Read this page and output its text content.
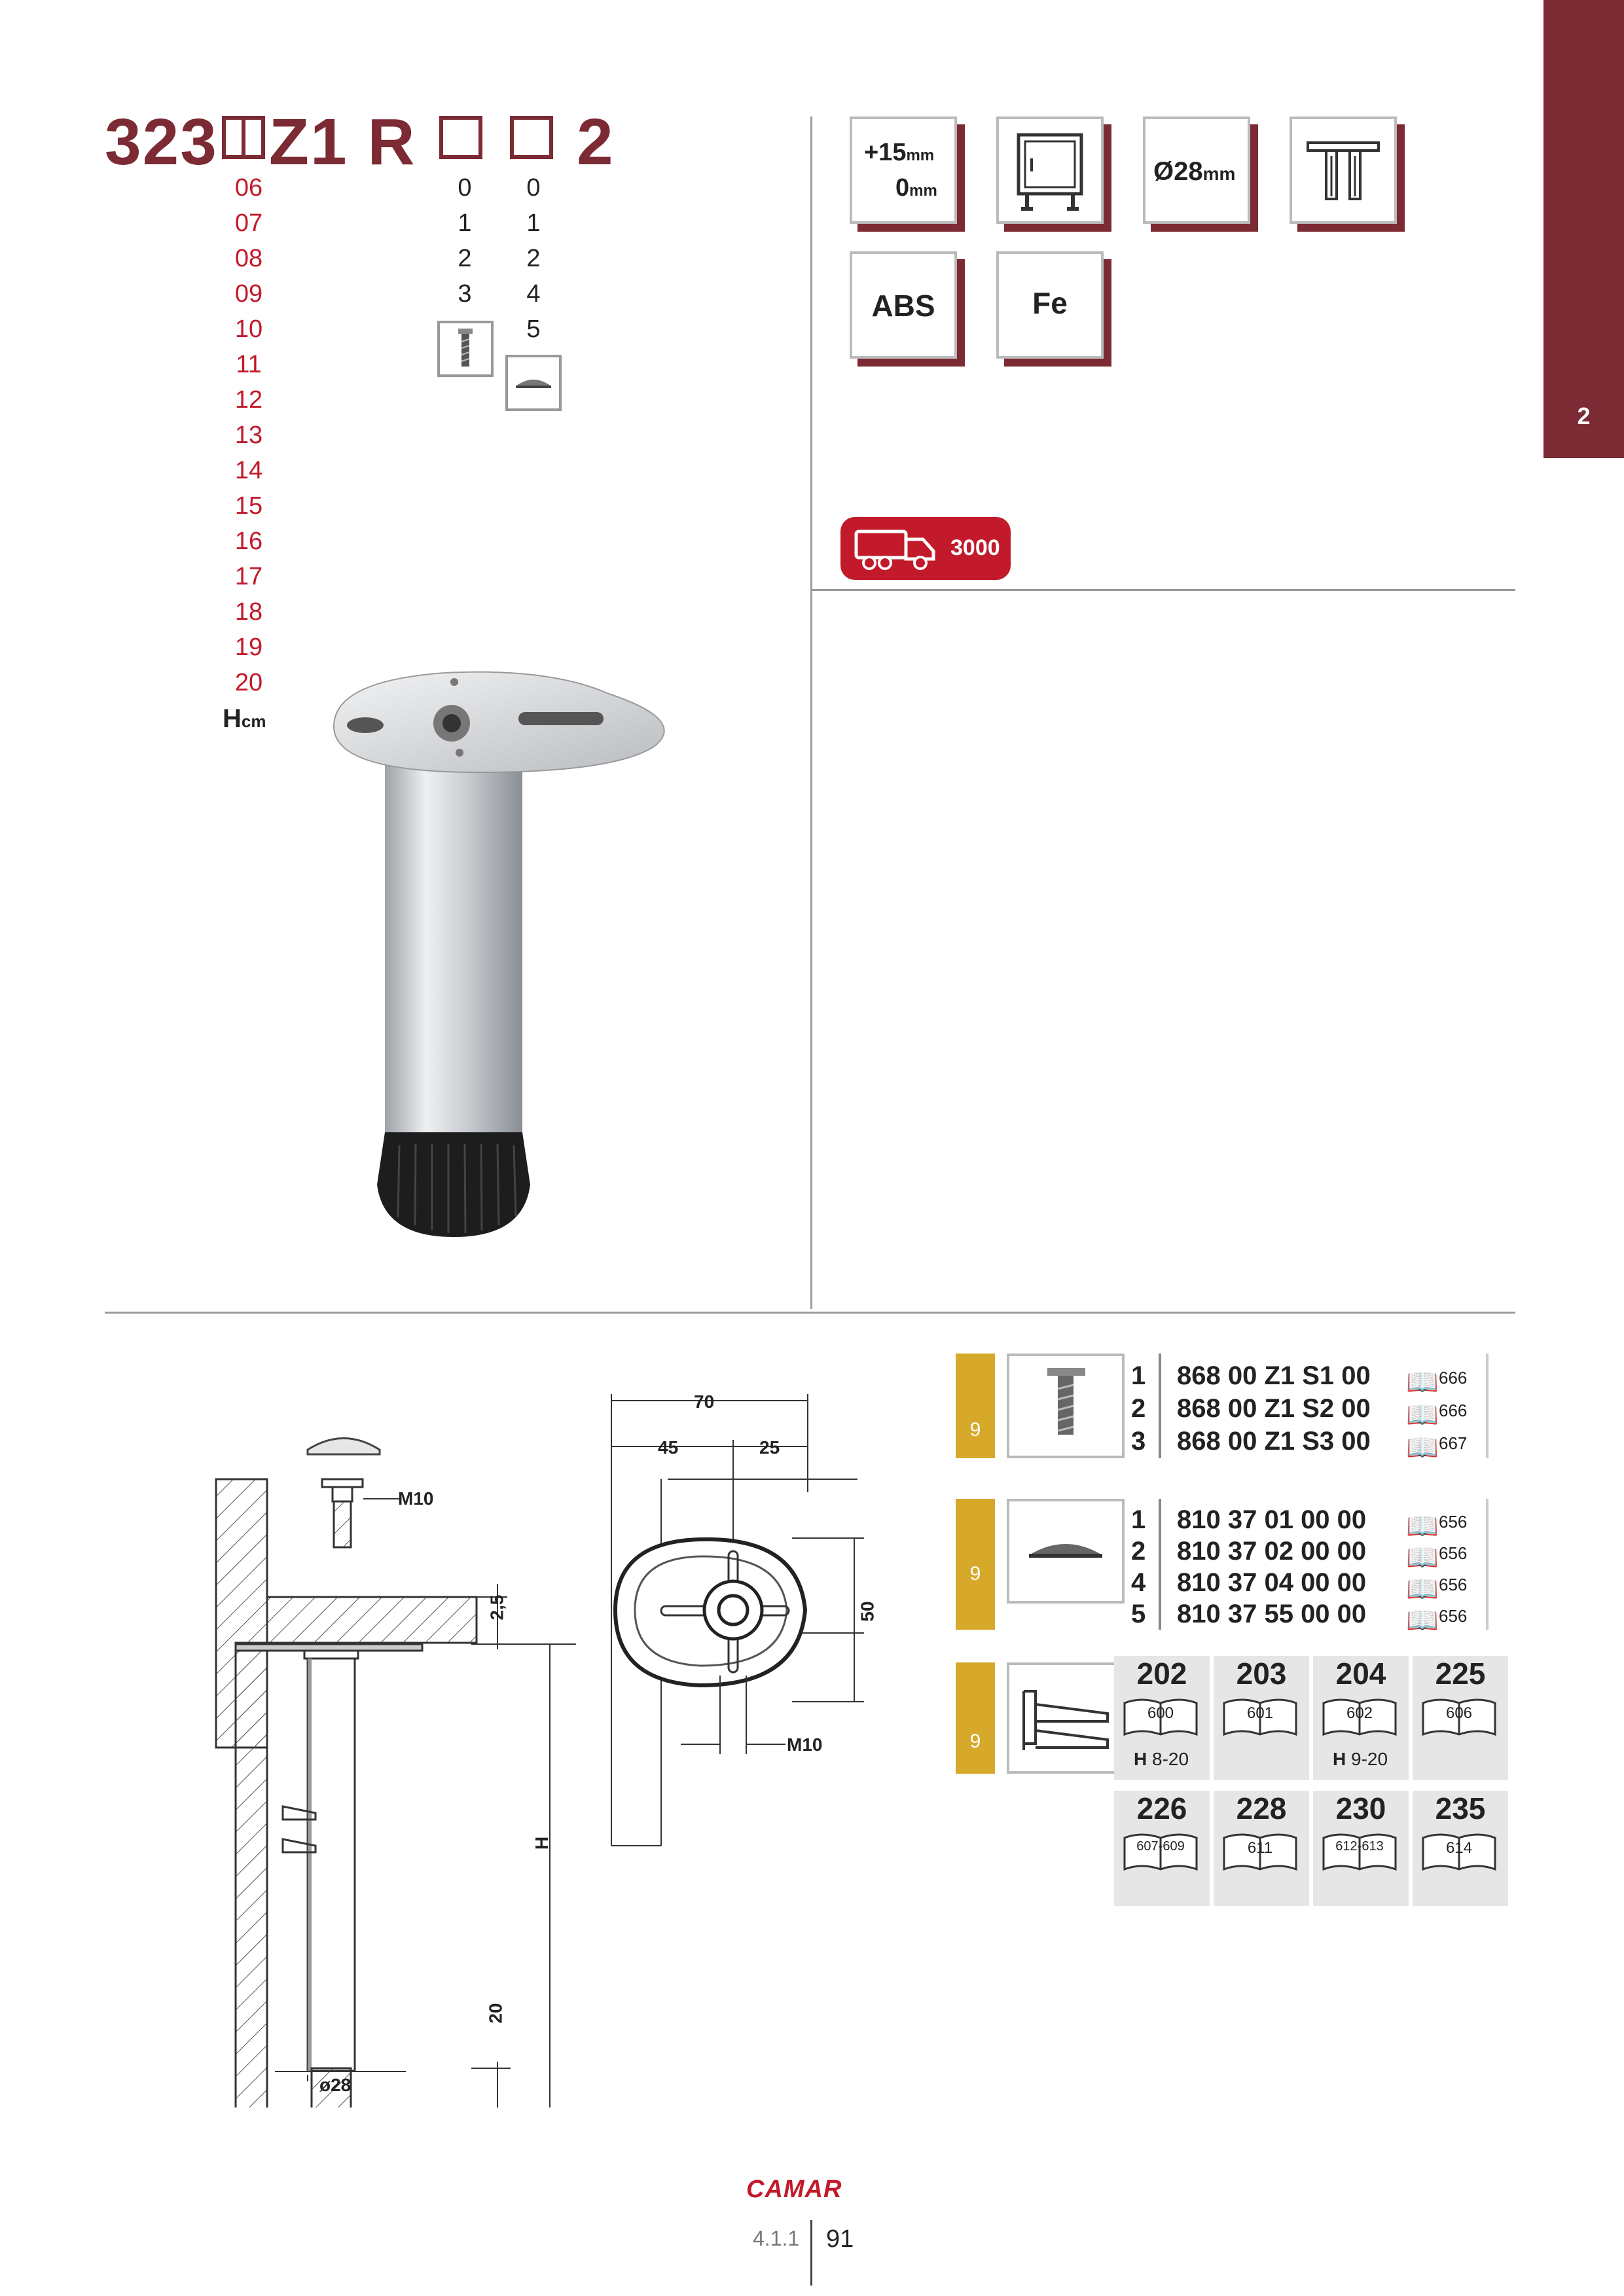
2
323 Z1 R 2
06
07
08
09
10
11
12
13
14
15
16
17
18
19
20
Hcm
0
1
2
3
0
1
2
4
5
+15mm
0mm
Ø28mm
ABS	Fe
3000
M10
2,5
H
20
ø28
70
45	25
50
M10
9
1	868 00 Z1 S1 00 📖 666
2	868 00 Z1 S2 00 📖 666
3	868 00 Z1 S3 00 📖 667
9
1	810 37 01 00 00 📖 656
2	810 37 02 00 00 📖 656
4	810 37 04 00 00 📖 656
5	810 37 55 00 00 📖 656
9
202
600
H 8-20
203
601
204
602
H 9-20
225
606
226
607-609
228
611
230
612-613
235
614
CAMAR
4.1.1 91
